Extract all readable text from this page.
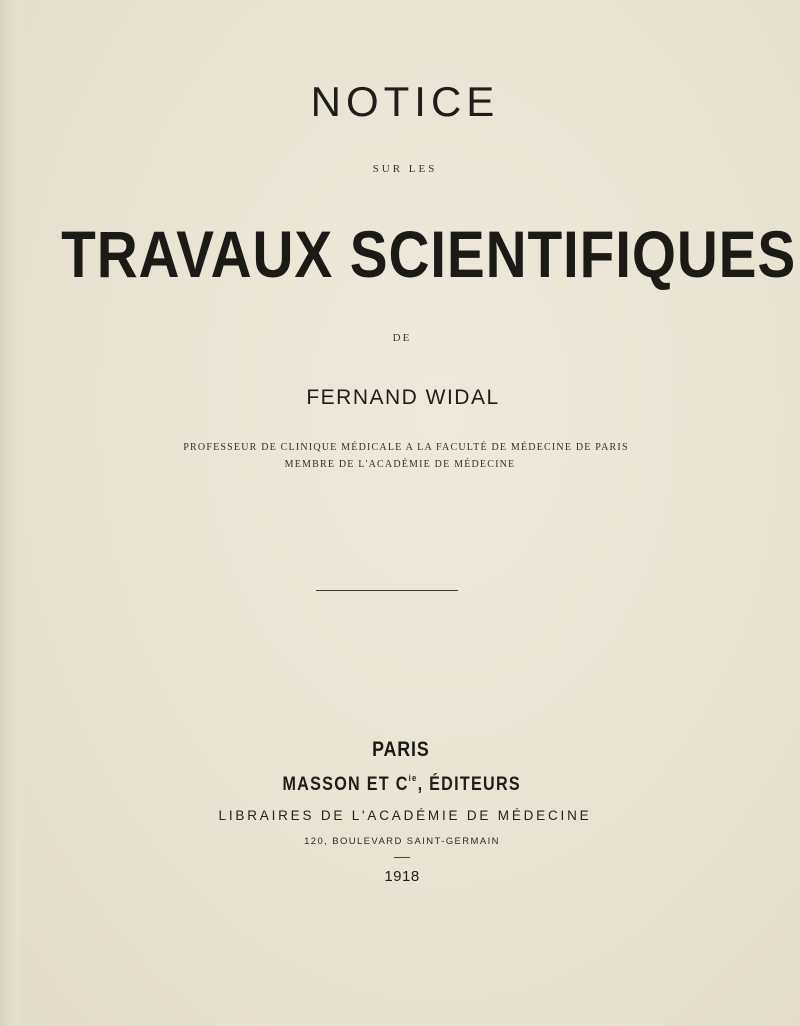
NOTICE
SUR LES
TRAVAUX SCIENTIFIQUES
DE
FERNAND WIDAL
PROFESSEUR DE CLINIQUE MÉDICALE A LA FACULTÉ DE MÉDECINE DE PARIS
MEMBRE DE L'ACADÉMIE DE MÉDECINE
PARIS
MASSON ET $C^{ie}$, ÉDITEURS
LIBRAIRES DE L'ACADÉMIE DE MÉDECINE
120, BOULEVARD SAINT-GERMAIN
1918
